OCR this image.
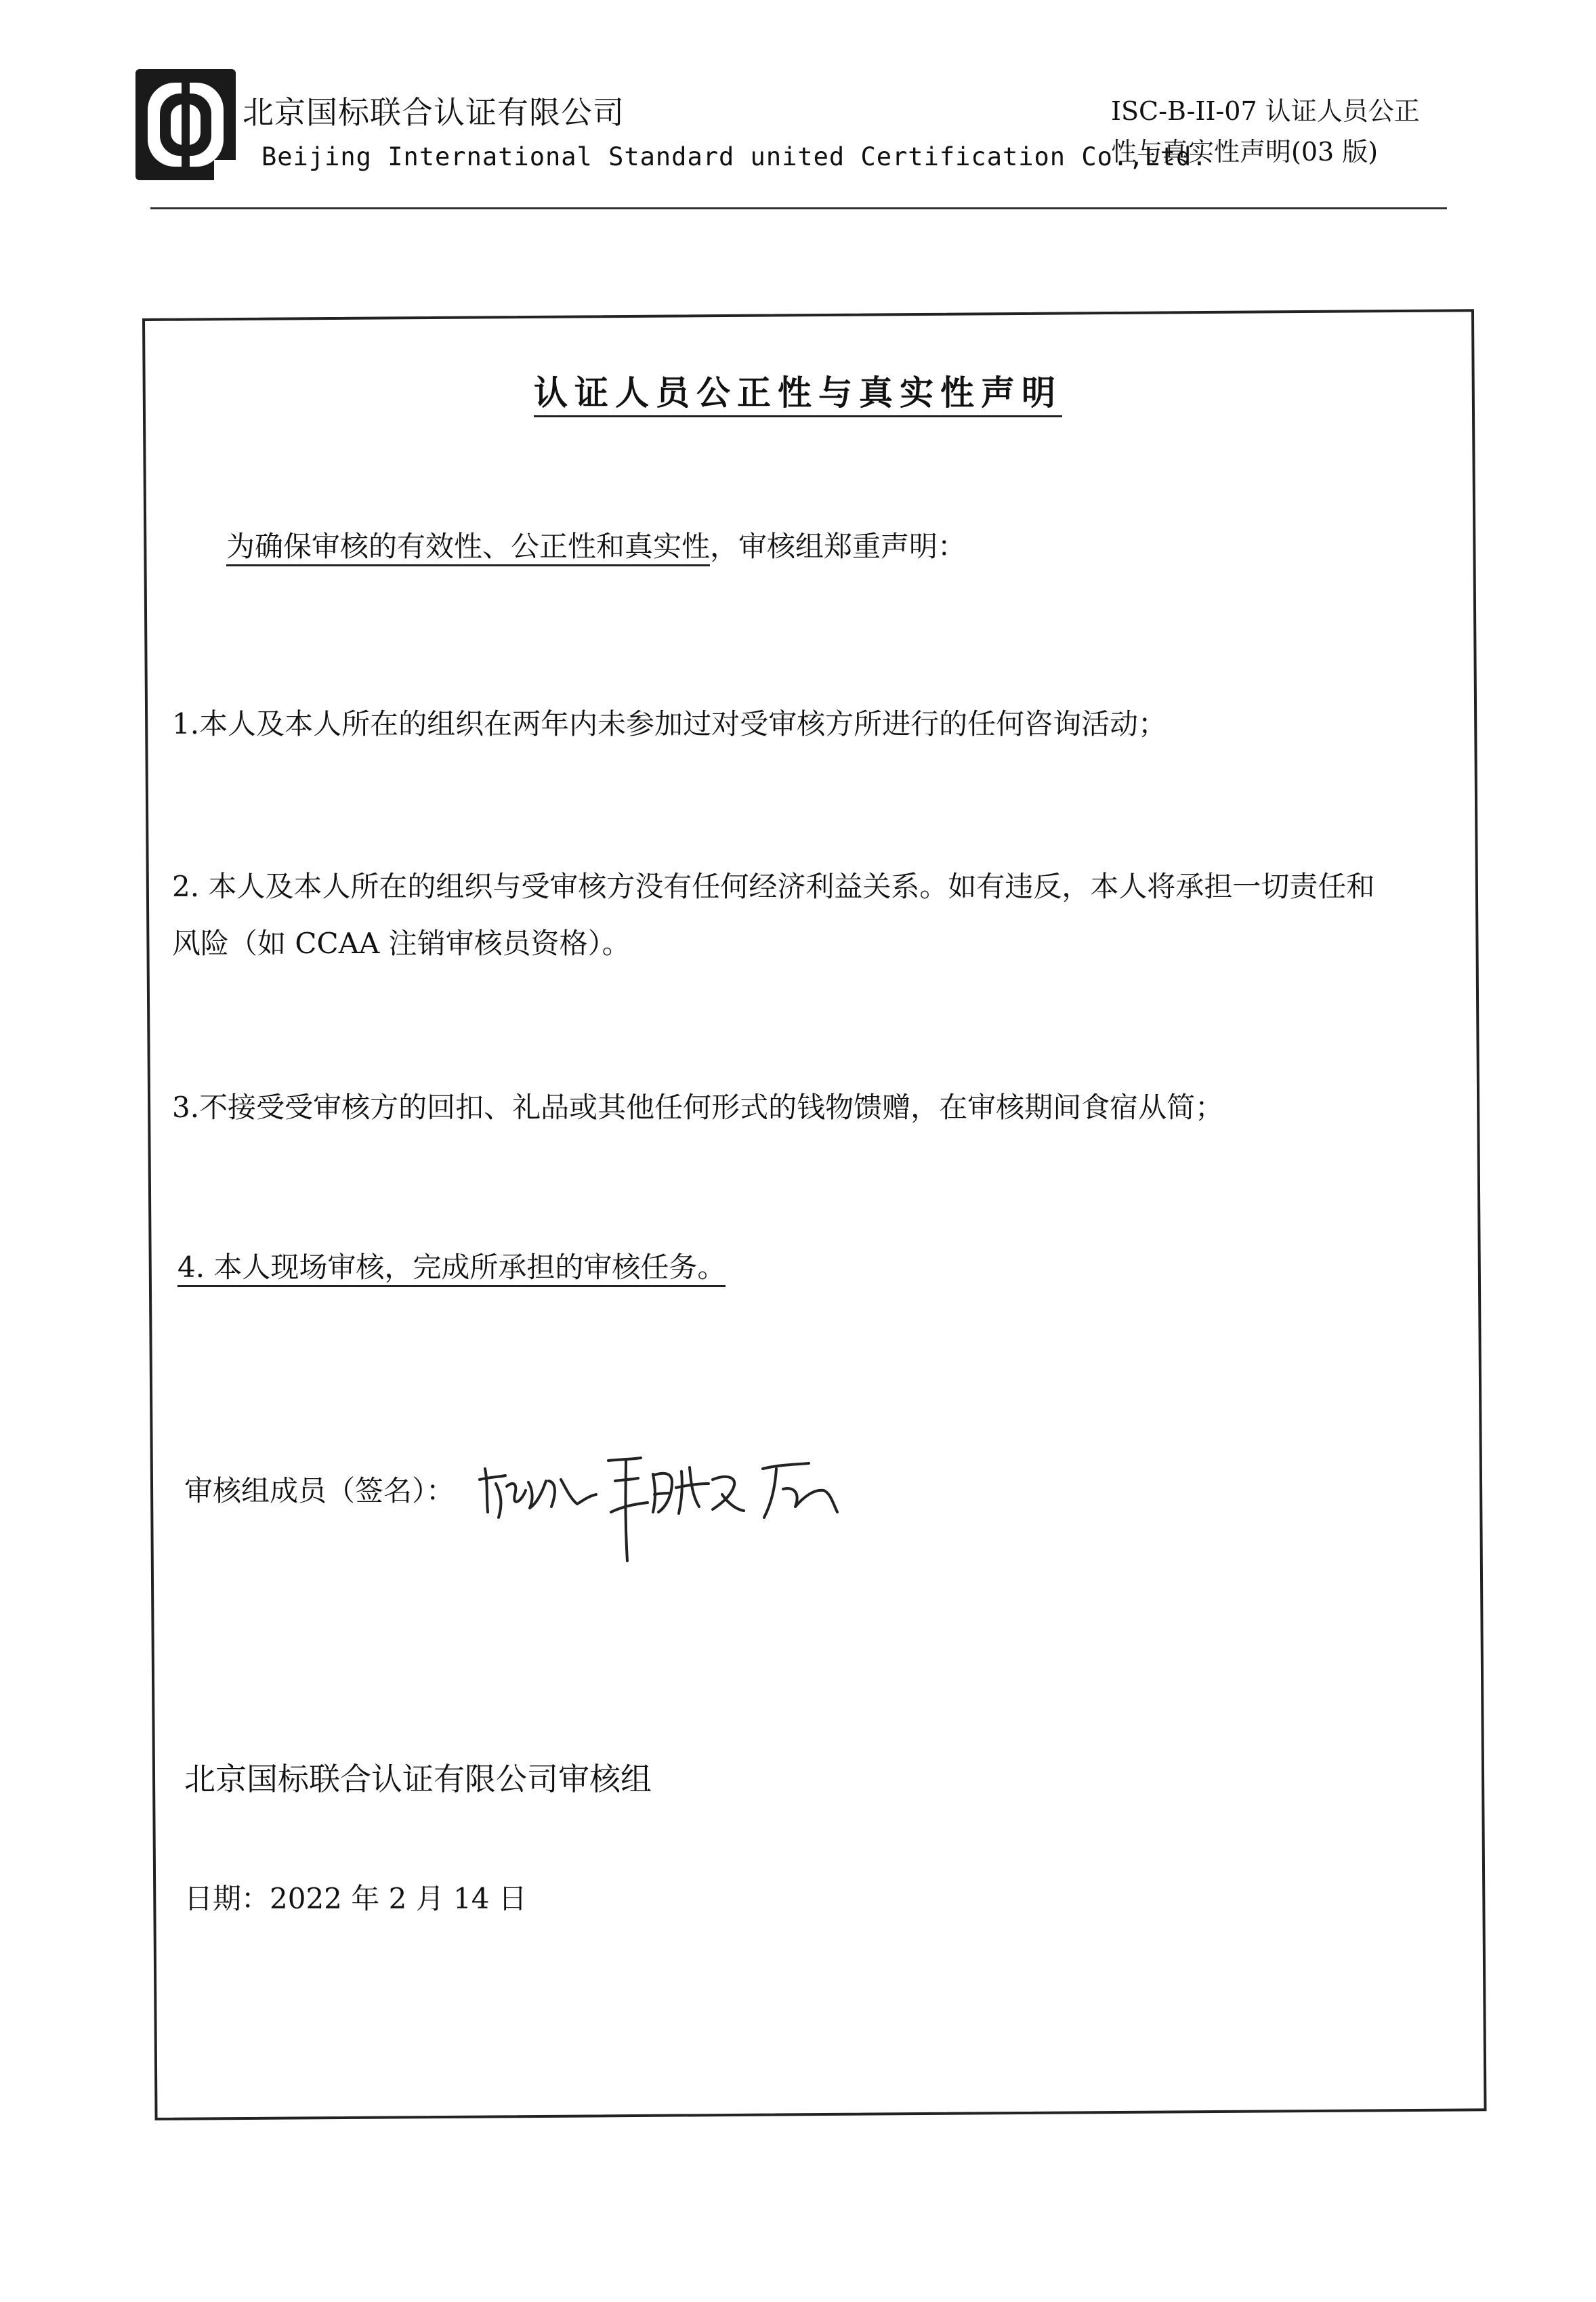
北京国标联合认证有限公司
Beijing International Standard united Certification Co.,Ltd.
ISC-B-II-07 认证人员公正
性与真实性声明(03 版)
认证人员公正性与真实性声明
为确保审核的有效性、公正性和真实性，审核组郑重声明：
1.本人及本人所在的组织在两年内未参加过对受审核方所进行的任何咨询活动；
2. 本人及本人所在的组织与受审核方没有任何经济利益关系。如有违反，本人将承担一切责任和
风险（如 CCAA 注销审核员资格）。
3.不接受受审核方的回扣、礼品或其他任何形式的钱物馈赠，在审核期间食宿从简；
4. 本人现场审核，完成所承担的审核任务。
审核组成员（签名）：
北京国标联合认证有限公司审核组
日期：2022 年 2 月 14 日
